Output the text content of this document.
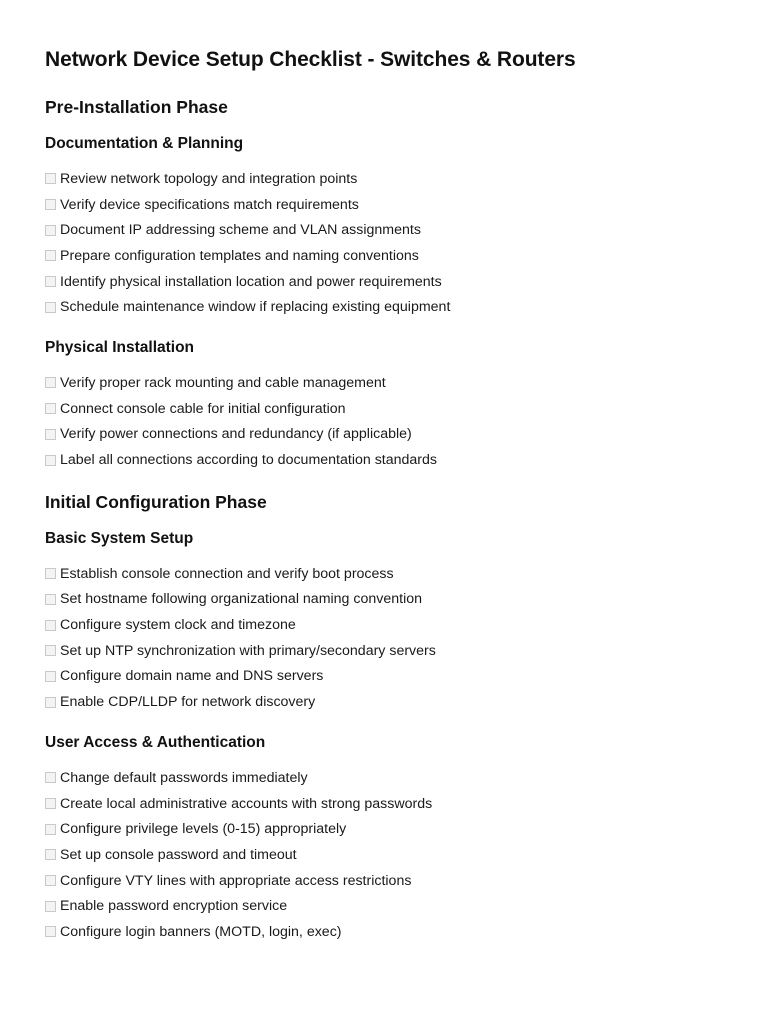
Network Device Setup Checklist - Switches & Routers
Pre-Installation Phase
Documentation & Planning
Review network topology and integration points
Verify device specifications match requirements
Document IP addressing scheme and VLAN assignments
Prepare configuration templates and naming conventions
Identify physical installation location and power requirements
Schedule maintenance window if replacing existing equipment
Physical Installation
Verify proper rack mounting and cable management
Connect console cable for initial configuration
Verify power connections and redundancy (if applicable)
Label all connections according to documentation standards
Initial Configuration Phase
Basic System Setup
Establish console connection and verify boot process
Set hostname following organizational naming convention
Configure system clock and timezone
Set up NTP synchronization with primary/secondary servers
Configure domain name and DNS servers
Enable CDP/LLDP for network discovery
User Access & Authentication
Change default passwords immediately
Create local administrative accounts with strong passwords
Configure privilege levels (0-15) appropriately
Set up console password and timeout
Configure VTY lines with appropriate access restrictions
Enable password encryption service
Configure login banners (MOTD, login, exec)
